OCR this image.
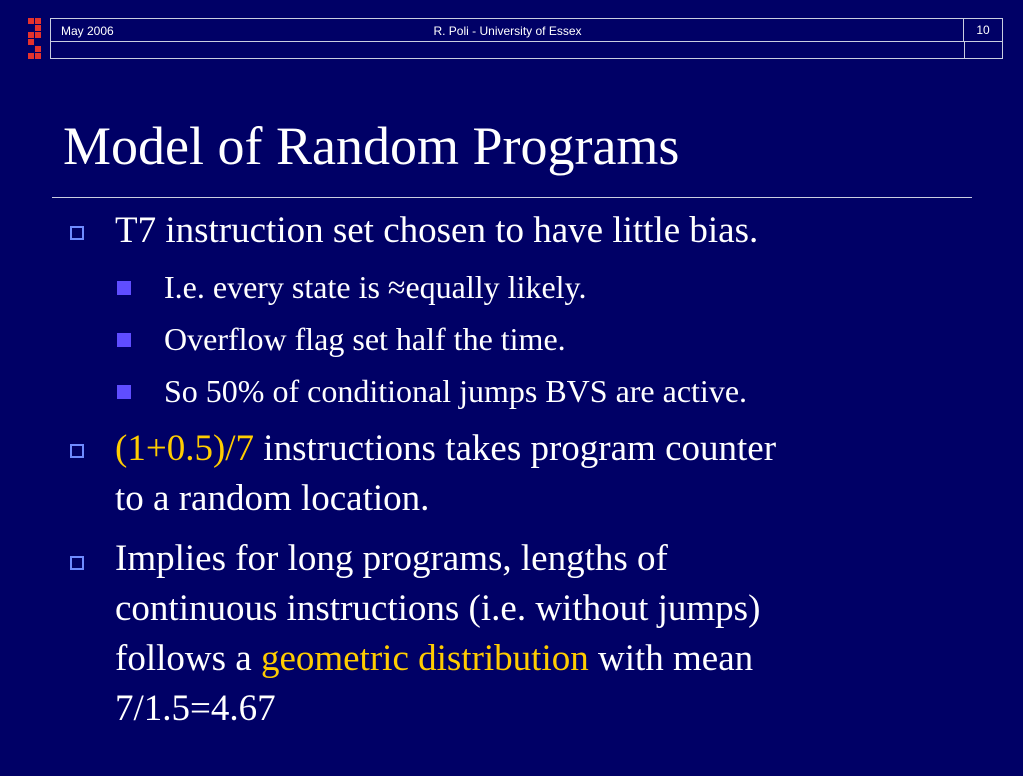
May 2006	R. Poli - University of Essex	10
Model of Random Programs
T7 instruction set chosen to have little bias.
I.e. every state is ≈equally likely.
Overflow flag set half the time.
So 50% of conditional jumps BVS are active.
(1+0.5)/7 instructions takes program counter
to a random location.
Implies for long programs, lengths of
continuous instructions (i.e. without jumps)
follows a geometric distribution with mean
7/1.5=4.67
